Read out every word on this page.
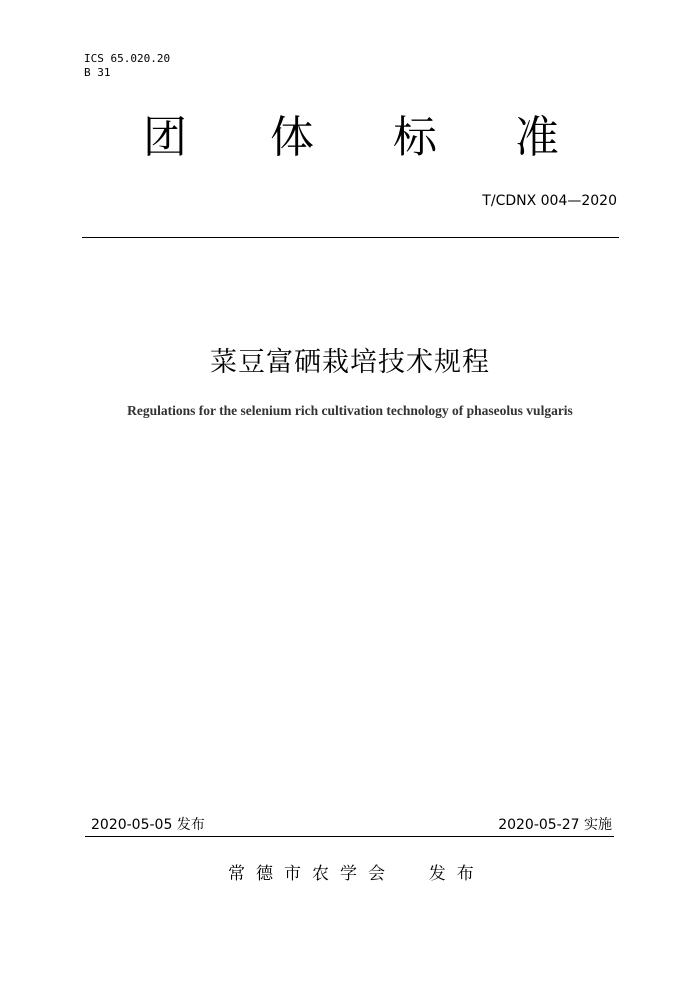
ICS 65.020.20
B 31
团 体 标 准
T/CDNX 004—2020
菜豆富硒栽培技术规程
Regulations for the selenium rich cultivation technology of phaseolus vulgaris
2020-05-05 发布	2020-05-27 实施
常德市农学会  发布
